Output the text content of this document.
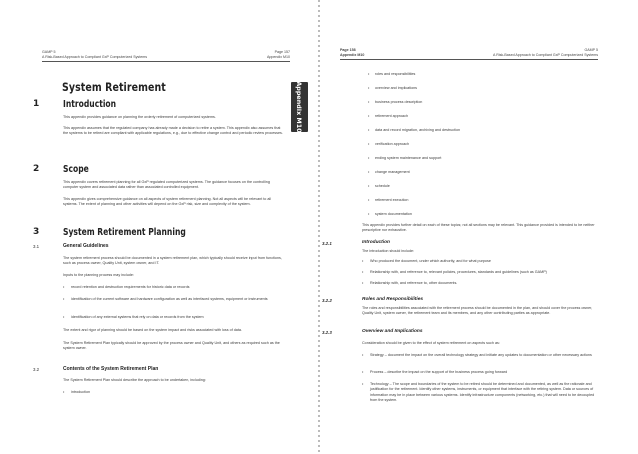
GAMP 5
A Risk-Based Approach to Compliant GxP Computerized Systems
Page 157
Appendix M10
System Retirement
1 Introduction
This appendix provides guidance on planning the orderly retirement of computerized systems.
This appendix assumes that the regulated company has already made a decision to retire a system. This appendix also assumes that the systems to be retired are compliant with applicable regulations, e.g., due to effective change control and periodic review processes.
2 Scope
This appendix covers retirement planning for all GxP regulated computerized systems. The guidance focuses on the controlling computer system and associated data rather than associated controlled equipment.
This appendix gives comprehensive guidance on all aspects of system retirement planning. Not all aspects will be relevant to all systems. The extent of planning and other activities will depend on the GxP risk, size and complexity of the system.
3 System Retirement Planning
3.1	General Guidelines
The system retirement process should be documented in a system retirement plan, which typically should receive input from functions, such as process owner, Quality Unit, system owner, and IT.
Inputs to the planning process may include:
• record retention and destruction requirements for historic data or records
• identification of the current software and hardware configuration as well as interfaced systems, equipment or instruments
• identification of any external systems that rely on data or records from the system
The extent and rigor of planning should be based on the system impact and risks associated with loss of data.
The System Retirement Plan typically should be approved by the process owner and Quality Unit, and others as required such as the system owner.
3.2	Contents of the System Retirement Plan
The System Retirement Plan should describe the approach to be undertaken, including:
• introduction
Appendix M10
Page 158
Appendix M10
GAMP 5
A Risk-Based Approach to Compliant GxP Computerized Systems
• roles and responsibilities
• overview and implications
• business process description
• retirement approach
• data and record migration, archiving and destruction
• verification approach
• ending system maintenance and support
• change management
• schedule
• retirement execution
• system documentation
This appendix provides further detail on each of these topics; not all sections may be relevant. This guidance provided is intended to be neither prescriptive nor exhaustive.
3.2.1	Introduction
The introduction should include:
• Who produced the document, under which authority, and for what purpose
• Relationship with, and reference to, relevant policies, procedures, standards and guidelines (such as GAMP)
• Relationship with, and reference to, other documents.
3.2.2	Roles and Responsibilities
The roles and responsibilities associated with the retirement process should be documented in the plan, and should cover the process owner, Quality Unit, system owner, the retirement team and its members, and any other contributing parties as appropriate.
3.2.3	Overview and Implications
Consideration should be given to the effect of system retirement on aspects such as:
• Strategy – document the impact on the overall technology strategy and initiate any updates to documentation or other necessary actions
• Process – describe the impact on the support of the business process going forward
• Technology – The scope and boundaries of the system to be retired should be determined and documented, as well as the rationale and justification for the retirement. Identify other systems, instruments, or equipment that interface with the retiring system. Data or sources of information may be in place between various systems. Identify infrastructure components (networking, etc.) that will need to be decoupled from the system.
